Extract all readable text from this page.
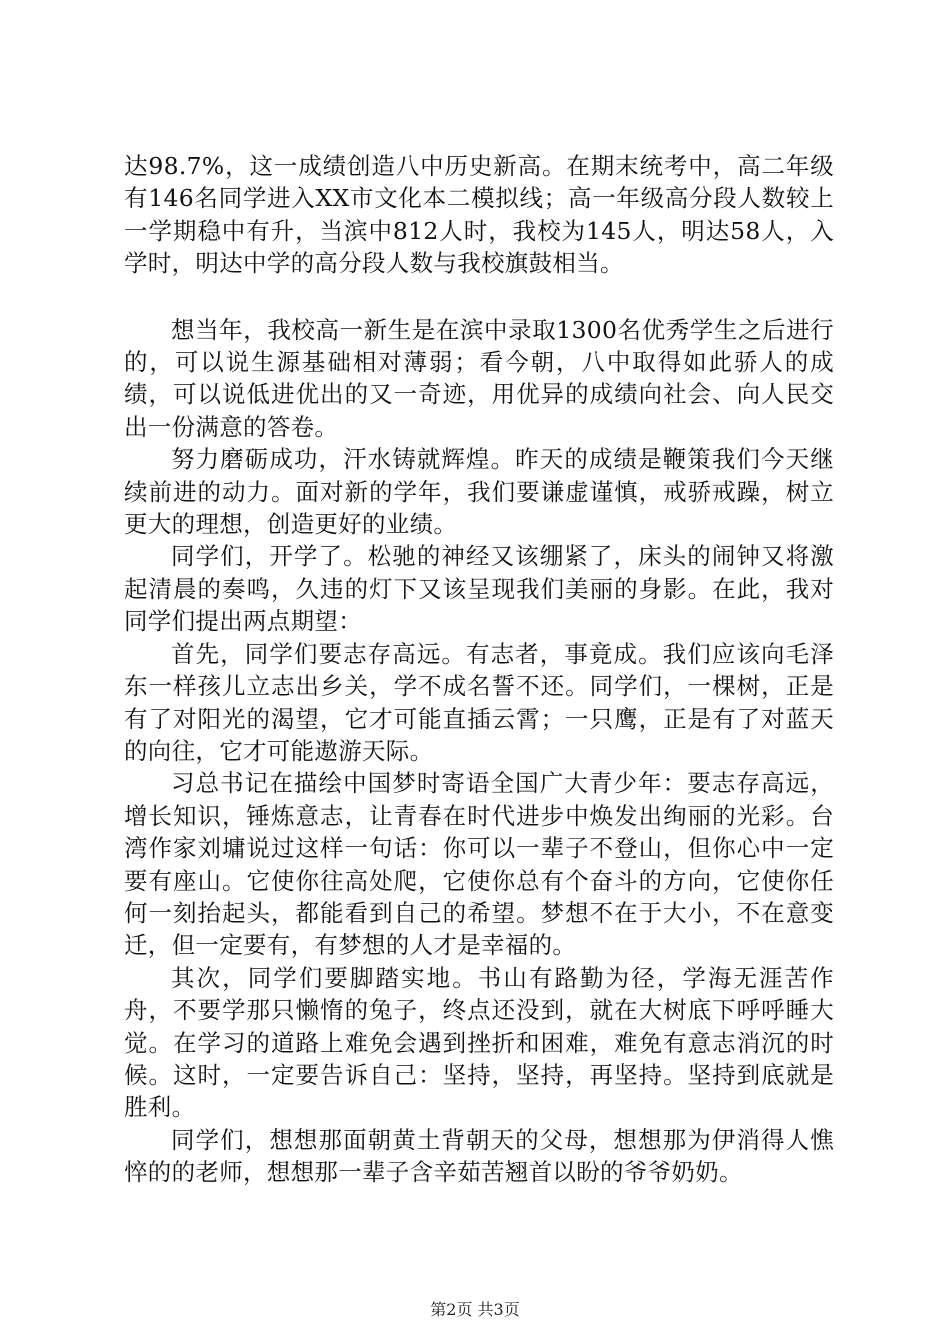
达98.7%，这一成绩创造八中历史新高。在期末统考中，高二年级有146名同学进入XX市文化本二模拟线；高一年级高分段人数较上一学期稳中有升，当滨中812人时，我校为145人，明达58人，入学时，明达中学的高分段人数与我校旗鼓相当。

想当年，我校高一新生是在滨中录取1300名优秀学生之后进行的，可以说生源基础相对薄弱；看今朝，八中取得如此骄人的成绩，可以说低进优出的又一奇迹，用优异的成绩向社会、向人民交出一份满意的答卷。

努力磨砺成功，汗水铸就辉煌。昨天的成绩是鞭策我们今天继续前进的动力。面对新的学年，我们要谦虚谨慎，戒骄戒躁，树立更大的理想，创造更好的业绩。

同学们，开学了。松驰的神经又该绷紧了，床头的闹钟又将激起清晨的奏鸣，久违的灯下又该呈现我们美丽的身影。在此，我对同学们提出两点期望：

首先，同学们要志存高远。有志者，事竟成。我们应该向毛泽东一样孩儿立志出乡关，学不成名誓不还。同学们，一棵树，正是有了对阳光的渴望，它才可能直插云霄；一只鹰，正是有了对蓝天的向往，它才可能遨游天际。

习总书记在描绘中国梦时寄语全国广大青少年：要志存高远，增长知识，锤炼意志，让青春在时代进步中焕发出绚丽的光彩。台湾作家刘墉说过这样一句话：你可以一辈子不登山，但你心中一定要有座山。它使你往高处爬，它使你总有个奋斗的方向，它使你任何一刻抬起头，都能看到自己的希望。梦想不在于大小，不在意变迁，但一定要有，有梦想的人才是幸福的。

其次，同学们要脚踏实地。书山有路勤为径，学海无涯苦作舟，不要学那只懒惰的兔子，终点还没到，就在大树底下呼呼睡大觉。在学习的道路上难免会遇到挫折和困难，难免有意志消沉的时候。这时，一定要告诉自己：坚持，坚持，再坚持。坚持到底就是胜利。

同学们，想想那面朝黄土背朝天的父母，想想那为伊消得人憔悴的的老师，想想那一辈子含辛茹苦翘首以盼的爷爷奶奶。

第2页 共3页
